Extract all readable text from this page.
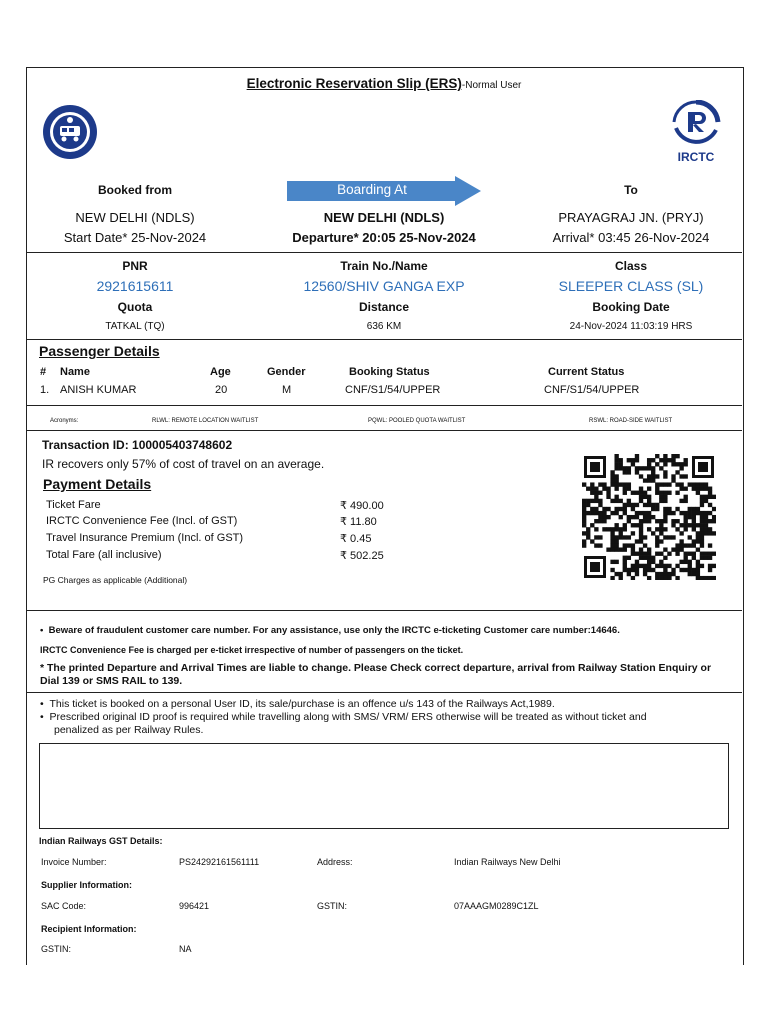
Electronic Reservation Slip (ERS)-Normal User
IRCTC
Booked from	Boarding At	To
NEW DELHI (NDLS)	NEW DELHI (NDLS)	PRAYAGRAJ JN. (PRYJ)
Start Date* 25-Nov-2024	Departure* 20:05 25-Nov-2024	Arrival* 03:45 26-Nov-2024
PNR	Train No./Name	Class
2921615611	12560/SHIV GANGA EXP	SLEEPER CLASS (SL)
Quota	Distance	Booking Date
TATKAL (TQ)	636 KM	24-Nov-2024 11:03:19 HRS
Passenger Details
# Name	Age	Gender	Booking Status	Current Status
1. ANISH KUMAR	20	M	CNF/S1/54/UPPER	CNF/S1/54/UPPER
Acronyms:	RLWL: REMOTE LOCATION WAITLIST	PQWL: POOLED QUOTA WAITLIST	RSWL: ROAD-SIDE WAITLIST
Transaction ID: 100005403748602
IR recovers only 57% of cost of travel on an average.
Payment Details
Ticket Fare	₹ 490.00
IRCTC Convenience Fee (Incl. of GST)	₹ 11.80
Travel Insurance Premium (Incl. of GST)	₹ 0.45
Total Fare (all inclusive)	₹ 502.25
PG Charges as applicable (Additional)
•  Beware of fraudulent customer care number. For any assistance, use only the IRCTC e-ticketing Customer care number:14646.
IRCTC Convenience Fee is charged per e-ticket irrespective of number of passengers on the ticket.
* The printed Departure and Arrival Times are liable to change. Please Check correct departure, arrival from Railway Station Enquiry or
Dial 139 or SMS RAIL to 139.
•  This ticket is booked on a personal User ID, its sale/purchase is an offence u/s 143 of the Railways Act,1989.
•  Prescribed original ID proof is required while travelling along with SMS/ VRM/ ERS otherwise will be treated as without ticket and
penalized as per Railway Rules.
Indian Railways GST Details:
Invoice Number:	PS24292161561111	Address:	Indian Railways New Delhi
Supplier Information:
SAC Code:	996421	GSTIN:	07AAAGM0289C1ZL
Recipient Information:
GSTIN:	NA
